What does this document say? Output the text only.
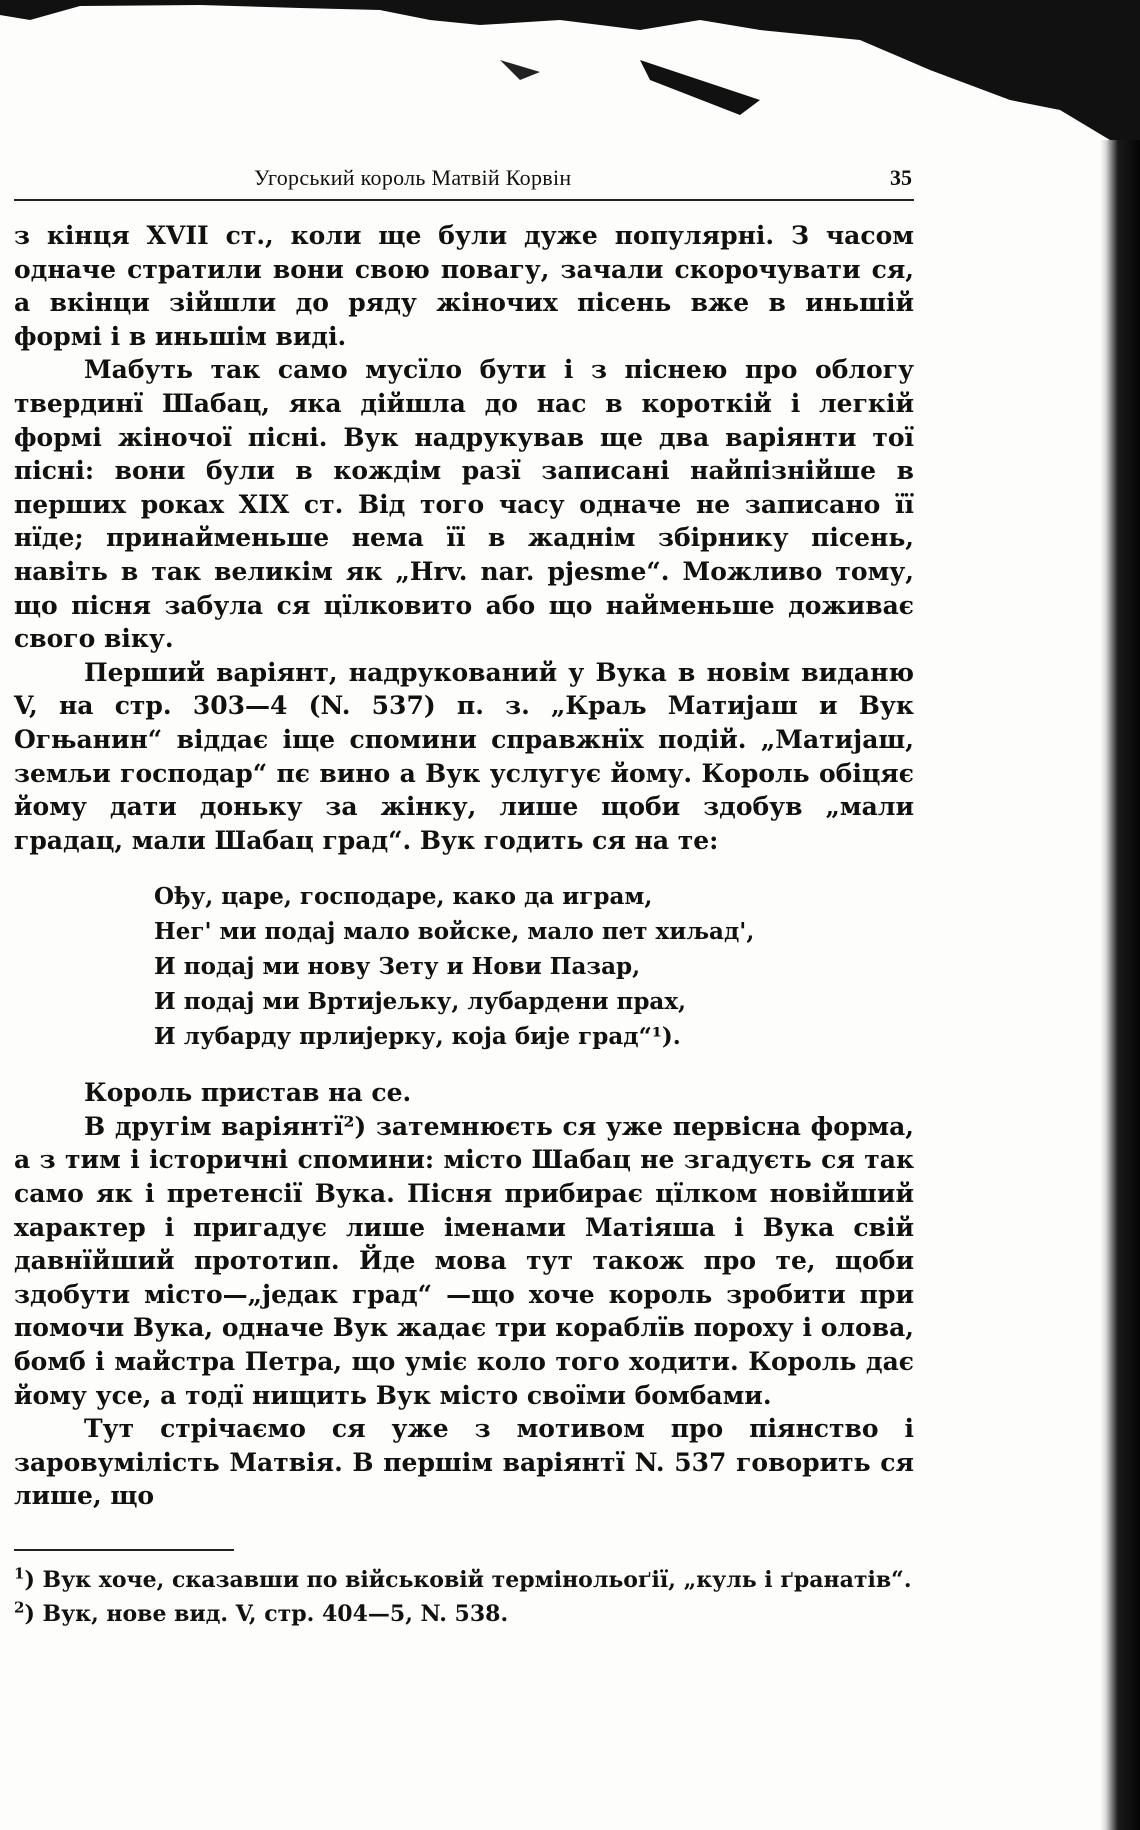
Угорський король Матвій Корвін	35

з кінця XVII ст., коли ще були дуже популярні. З часом одначе стратили вони свою повагу, зачали скорочувати ся, а вкінци зійшли до ряду жіночих пісень вже в иньшій формі і в иньшім виді.

Мабуть так само мусїло бути і з піснею про облогу твердинї Шабац, яка дійшла до нас в короткій і легкій формі жіночої пісні. Вук надрукував ще два варіянти тої пісні: вони були в кождім разї записані найпізнійше в перших роках XIX ст. Від того часу одначе не записано її нїде; принайменьше нема її в жаднім збірнику пісень, навіть в так великім як „Hrv. nar. pjesme“. Можливо тому, що пісня забула ся цїлковито або що найменьше доживає свого віку.

Перший варіянт, надрукований у Вука в новім виданю V, на стр. 303—4 (N. 537) п. з. „Краљ Матијаш и Вук Огњанин“ віддає іще спомини справжнїх подій. „Матијаш, земљи господар“ пє вино а Вук услугує йому. Король обіцяє йому дати доньку за жінку, лише щоби здобув „мали градац, мали Шабац град“. Вук годить ся на те:

Ођу, царе, господаре, како да играм,
Нег' ми подај мало войске, мало пет хиљад',
И подај ми нову Зету и Нови Пазар,
И подај ми Вртијељку, лубардени прах,
И лубарду прлијерку, која бије град“¹).

Король пристав на се.

В другім варіянтї²) затемнюєть ся уже первісна форма, а з тим і історичні спомини: місто Шабац не згадуєть ся так само як і претенсії Вука. Пісня прибирає цїлком новійший характер і пригадує лише іменами Матіяша і Вука свій давнїйший прототип. Йде мова тут також про те, щоби здобути місто—„једак град“ —що хоче король зробити при помочи Вука, одначе Вук жадає три кораблїв пороху і олова, бомб і майстра Петра, що уміє коло того ходити. Король дає йому усе, а тодї нищить Вук місто своїми бомбами.

Тут стрічаємо ся уже з мотивом про піянство і заровумілість Матвія. В першім варіянтї N. 537 говорить ся лише, що

$^1$) Вук хоче, сказавши по військовій термінольоґії, „куль і ґранатів“.

$^2$) Вук, нове вид. V, стр. 404—5, N. 538.
